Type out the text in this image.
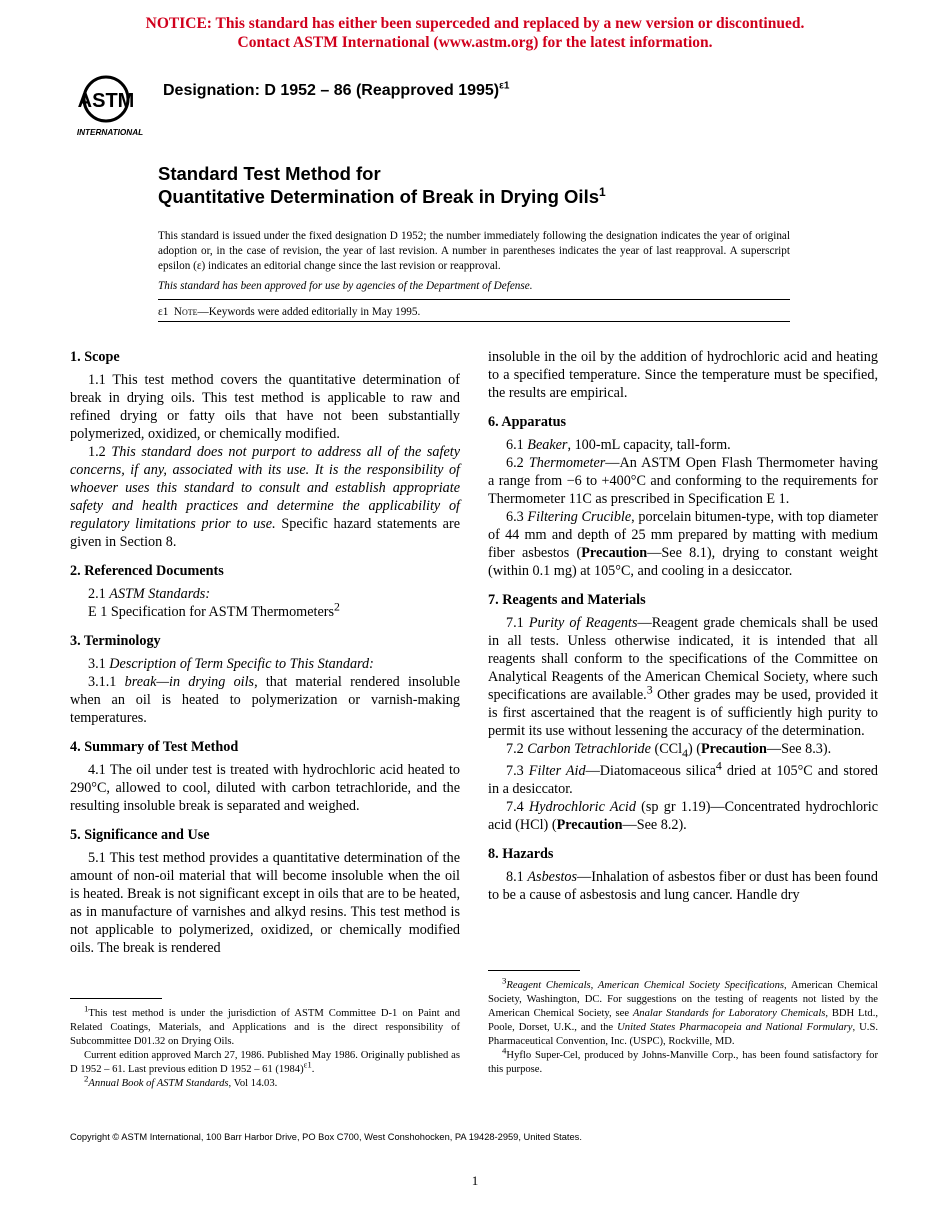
NOTICE: This standard has either been superceded and replaced by a new version or discontinued.
Contact ASTM International (www.astm.org) for the latest information.
ASTM
INTERNATIONAL
Designation: D 1952 – 86 (Reapproved 1995)$^{\varepsilon 1}$
Standard Test Method for
Quantitative Determination of Break in Drying Oils$^1$
This standard is issued under the fixed designation D 1952; the number immediately following the designation indicates the year of original adoption or, in the case of revision, the year of last revision. A number in parentheses indicates the year of last reapproval. A superscript epsilon (ε) indicates an editorial change since the last revision or reapproval.
This standard has been approved for use by agencies of the Department of Defense.
ε1 Note—Keywords were added editorially in May 1995.
1. Scope

1.1 This test method covers the quantitative determination of break in drying oils. This test method is applicable to raw and refined drying or fatty oils that have not been substantially polymerized, oxidized, or chemically modified.

1.2 This standard does not purport to address all of the safety concerns, if any, associated with its use. It is the responsibility of whoever uses this standard to consult and establish appropriate safety and health practices and determine the applicability of regulatory limitations prior to use. Specific hazard statements are given in Section 8.

2. Referenced Documents

2.1 ASTM Standards:

E 1 Specification for ASTM Thermometers$^2$

3. Terminology

3.1 Description of Term Specific to This Standard:

3.1.1 break—in drying oils, that material rendered insoluble when an oil is heated to polymerization or varnish-making temperatures.

4. Summary of Test Method

4.1 The oil under test is treated with hydrochloric acid heated to 290°C, allowed to cool, diluted with carbon tetrachloride, and the resulting insoluble break is separated and weighed.

5. Significance and Use

5.1 This test method provides a quantitative determination of the amount of non-oil material that will become insoluble when the oil is heated. Break is not significant except in oils that are to be heated, as in manufacture of varnishes and alkyd resins. This test method is not applicable to polymerized, oxidized, or chemically modified oils. The break is rendered

$^1$This test method is under the jurisdiction of ASTM Committee D-1 on Paint and Related Coatings, Materials, and Applications and is the direct responsibility of Subcommittee D01.32 on Drying Oils.

Current edition approved March 27, 1986. Published May 1986. Originally published as D 1952 – 61. Last previous edition D 1952 – 61 $(1984)^{\varepsilon 1}$.

$^2$Annual Book of ASTM Standards, Vol 14.03.

insoluble in the oil by the addition of hydrochloric acid and heating to a specified temperature. Since the temperature must be specified, the results are empirical.

6. Apparatus

6.1 Beaker, 100-mL capacity, tall-form.

6.2 Thermometer—An ASTM Open Flash Thermometer having a range from −6 to +400°C and conforming to the requirements for Thermometer 11C as prescribed in Specification E 1.

6.3 Filtering Crucible, porcelain bitumen-type, with top diameter of 44 mm and depth of 25 mm prepared by matting with medium fiber asbestos (Precaution—See 8.1), drying to constant weight (within 0.1 mg) at 105°C, and cooling in a desiccator.

7. Reagents and Materials

7.1 Purity of Reagents—Reagent grade chemicals shall be used in all tests. Unless otherwise indicated, it is intended that all reagents shall conform to the specifications of the Committee on Analytical Reagents of the American Chemical Society, where such specifications are available.$^3$ Other grades may be used, provided it is first ascertained that the reagent is of sufficiently high purity to permit its use without lessening the accuracy of the determination.

7.2 Carbon Tetrachloride (CCl$_4$) (Precaution—See 8.3).

7.3 Filter Aid—Diatomaceous silica$^4$ dried at 105°C and stored in a desiccator.

7.4 Hydrochloric Acid (sp gr 1.19)—Concentrated hydrochloric acid (HCl) (Precaution—See 8.2).

8. Hazards

8.1 Asbestos—Inhalation of asbestos fiber or dust has been found to be a cause of asbestosis and lung cancer. Handle dry

$^3$Reagent Chemicals, American Chemical Society Specifications, American Chemical Society, Washington, DC. For suggestions on the testing of reagents not listed by the American Chemical Society, see Analar Standards for Laboratory Chemicals, BDH Ltd., Poole, Dorset, U.K., and the United States Pharmacopeia and National Formulary, U.S. Pharmaceutical Convention, Inc. (USPC), Rockville, MD.

$^4$Hyflo Super-Cel, produced by Johns-Manville Corp., has been found satisfactory for this purpose.

Copyright © ASTM International, 100 Barr Harbor Drive, PO Box C700, West Conshohocken, PA 19428-2959, United States.
1
